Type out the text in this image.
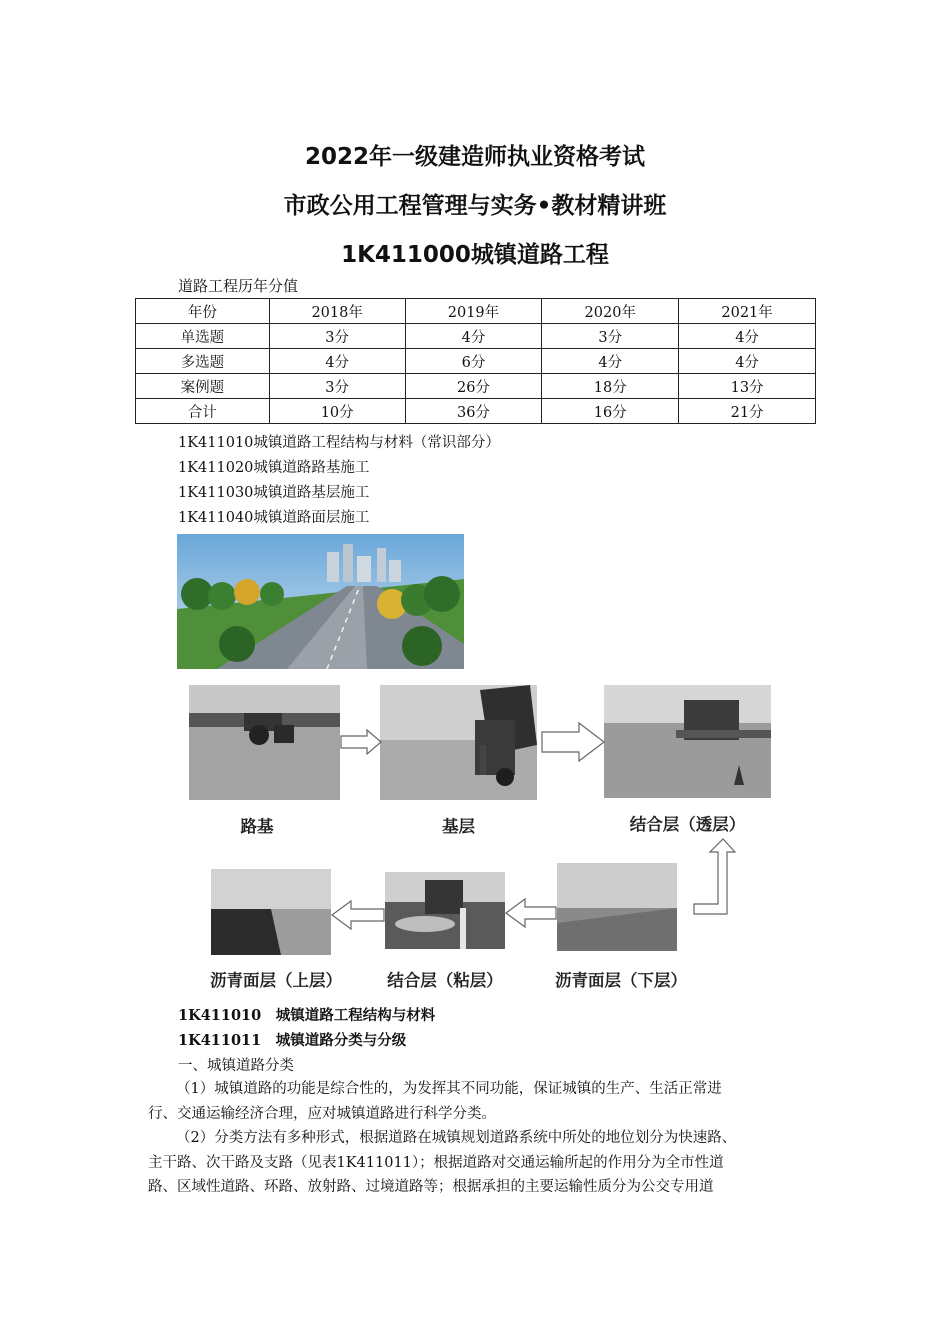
2022年一级建造师执业资格考试
市政公用工程管理与实务•教材精讲班
1K411000城镇道路工程
道路工程历年分值
年份	2018年	2019年	2020年	2021年
单选题	3分	4分	3分	4分
多选题	4分	6分	4分	4分
案例题	3分	26分	18分	13分
合计	10分	36分	16分	21分
1K411010城镇道路工程结构与材料（常识部分）
1K411020城镇道路路基施工
1K411030城镇道路基层施工
1K411040城镇道路面层施工
路基	基层	结合层（透层）
沥青面层（上层）	结合层（粘层）	沥青面层（下层）
1K411010　城镇道路工程结构与材料
1K411011　城镇道路分类与分级
一、城镇道路分类

（1）城镇道路的功能是综合性的，为发挥其不同功能，保证城镇的生产、生活正常进

行、交通运输经济合理，应对城镇道路进行科学分类。

（2）分类方法有多种形式，根据道路在城镇规划道路系统中所处的地位划分为快速路、

主干路、次干路及支路（见表1K411011）；根据道路对交通运输所起的作用分为全市性道

路、区域性道路、环路、放射路、过境道路等；根据承担的主要运输性质分为公交专用道
